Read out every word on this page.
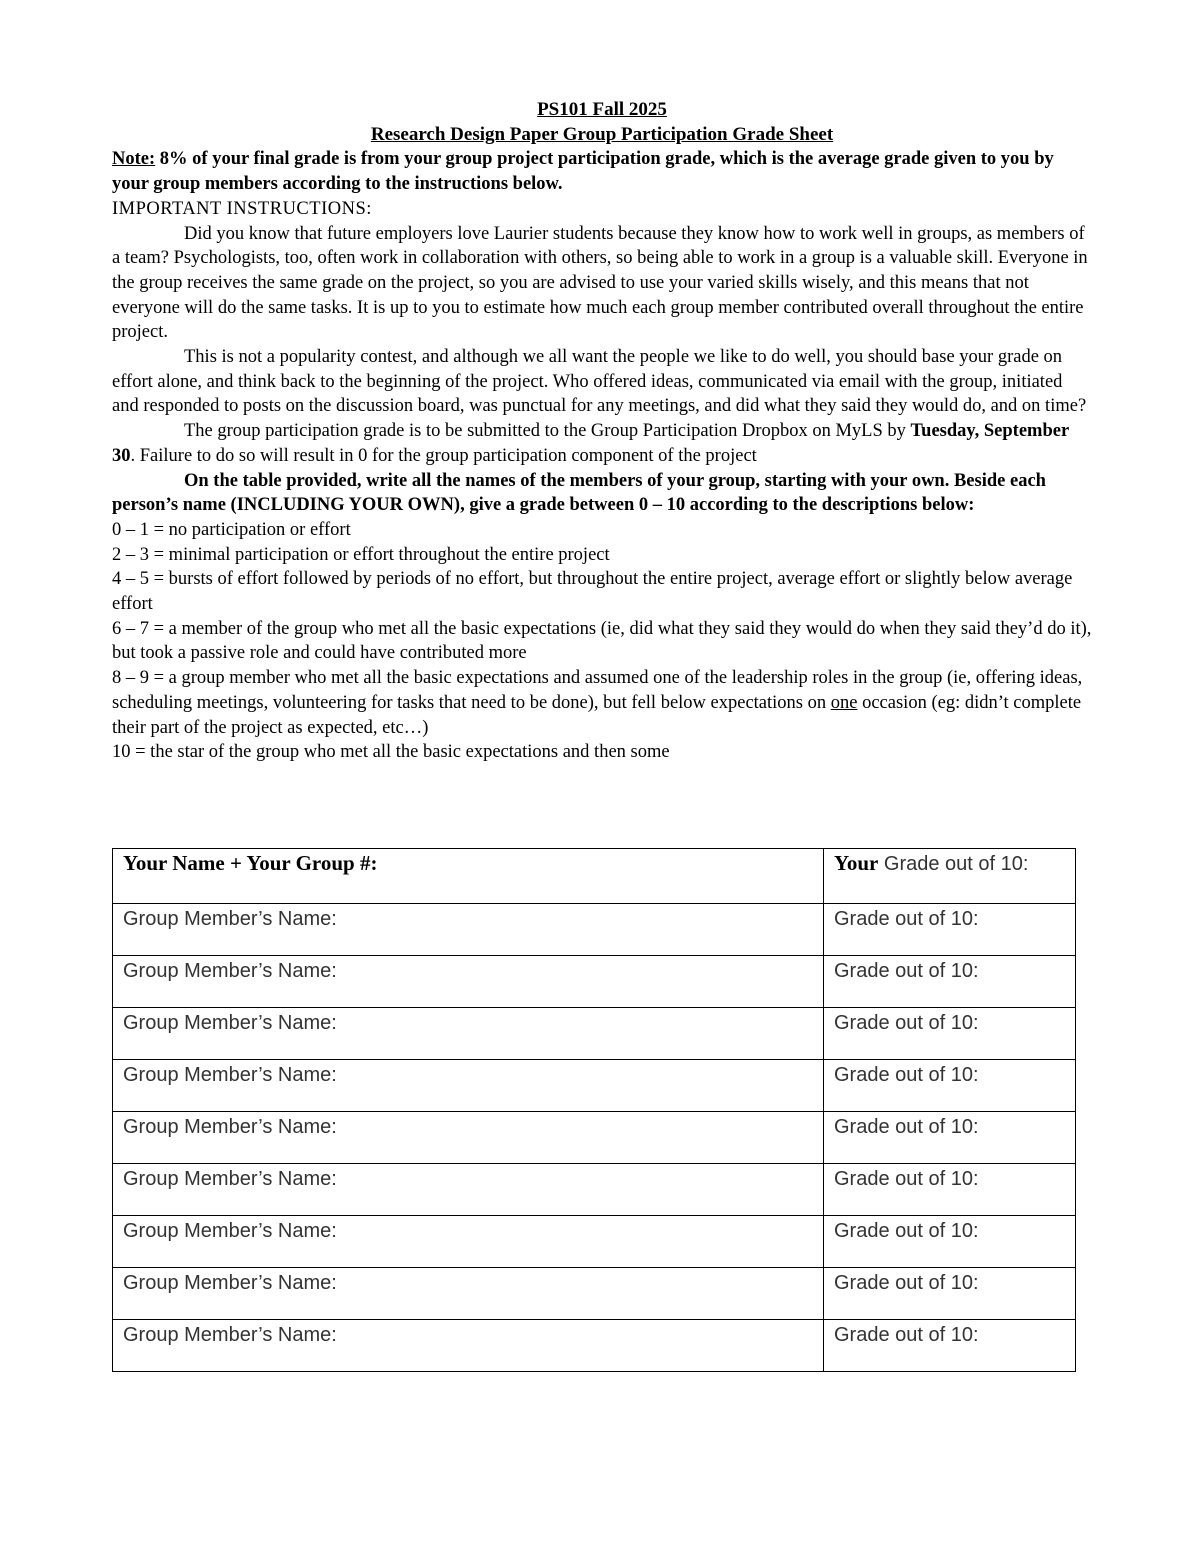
PS101 Fall 2025
Research Design Paper Group Participation Grade Sheet

Note: 8% of your final grade is from your group project participation grade, which is the average grade given to you by your group members according to the instructions below.

IMPORTANT INSTRUCTIONS:

Did you know that future employers love Laurier students because they know how to work well in groups, as members of a team? Psychologists, too, often work in collaboration with others, so being able to work in a group is a valuable skill. Everyone in the group receives the same grade on the project, so you are advised to use your varied skills wisely, and this means that not everyone will do the same tasks. It is up to you to estimate how much each group member contributed overall throughout the entire project.

This is not a popularity contest, and although we all want the people we like to do well, you should base your grade on effort alone, and think back to the beginning of the project. Who offered ideas, communicated via email with the group, initiated and responded to posts on the discussion board, was punctual for any meetings, and did what they said they would do, and on time?

The group participation grade is to be submitted to the Group Participation Dropbox on MyLS by Tuesday, September 30. Failure to do so will result in 0 for the group participation component of the project

On the table provided, write all the names of the members of your group, starting with your own. Beside each person’s name (INCLUDING YOUR OWN), give a grade between 0 – 10 according to the descriptions below:

0 – 1 = no participation or effort

2 – 3 = minimal participation or effort throughout the entire project

4 – 5 = bursts of effort followed by periods of no effort, but throughout the entire project, average effort or slightly below average effort

6 – 7 = a member of the group who met all the basic expectations (ie, did what they said they would do when they said they’d do it), but took a passive role and could have contributed more

8 – 9 = a group member who met all the basic expectations and assumed one of the leadership roles in the group (ie, offering ideas, scheduling meetings, volunteering for tasks that need to be done), but fell below expectations on one occasion (eg: didn’t complete their part of the project as expected, etc…)

10 = the star of the group who met all the basic expectations and then some

Your Name + Your Group #:	Your Grade out of 10:
Group Member’s Name:	Grade out of 10:
Group Member’s Name:	Grade out of 10:
Group Member’s Name:	Grade out of 10:
Group Member’s Name:	Grade out of 10:
Group Member’s Name:	Grade out of 10:
Group Member’s Name:	Grade out of 10:
Group Member’s Name:	Grade out of 10:
Group Member’s Name:	Grade out of 10:
Group Member’s Name:	Grade out of 10:
